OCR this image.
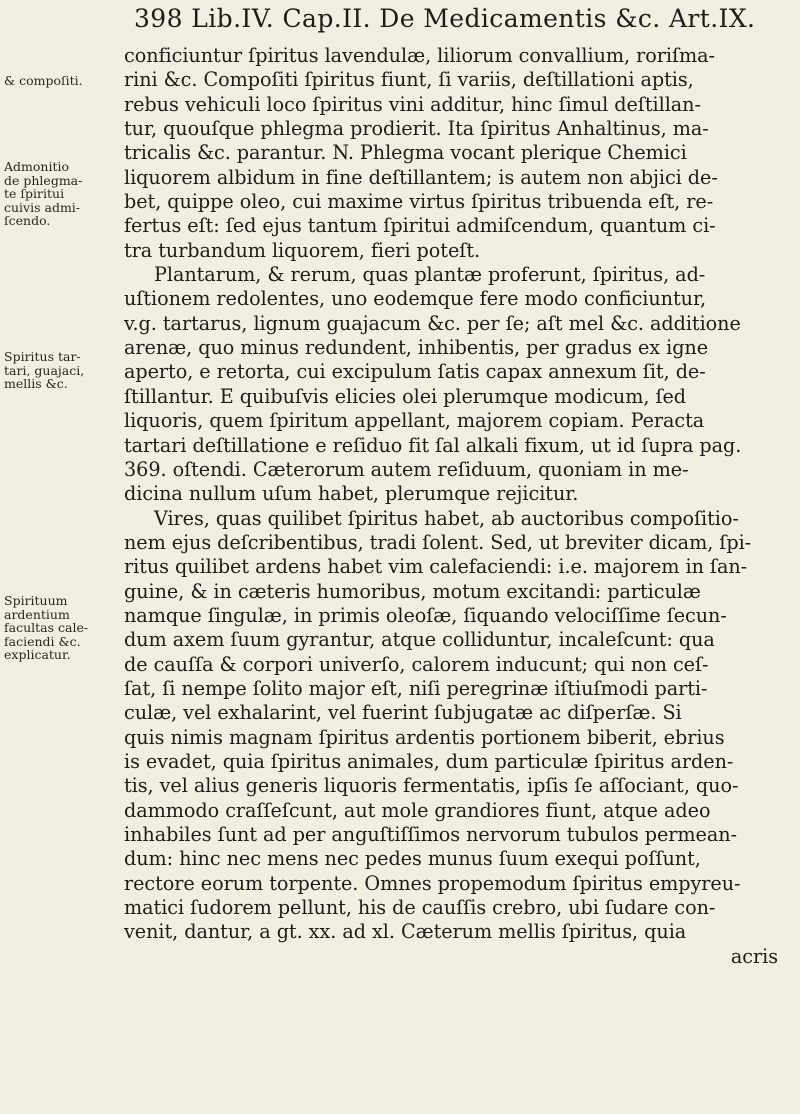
398 Lib.IV. Cap.II. De Medicamentis &c. Art.IX.
& compoſiti.
Admonitio
de phlegma-
te ſpiritui
cuivis admi-
ſcendo.
Spiritus tar-
tari, guajaci,
mellis &c.
Spirituum
ardentium
facultas cale-
faciendi &c.
explicatur.
conficiuntur ſpiritus lavendulæ, liliorum convallium, roriſma-
rini &c. Compoſiti ſpiritus fiunt, ſi variis, deſtillationi aptis,
rebus vehiculi loco ſpiritus vini additur, hinc ſimul deſtillan-
tur, quouſque phlegma prodierit. Ita ſpiritus Anhaltinus, ma-
tricalis &c. parantur. N. Phlegma vocant plerique Chemici
liquorem albidum in fine deſtillantem; is autem non abjici de-
bet, quippe oleo, cui maxime virtus ſpiritus tribuenda eſt, re-
fertus eſt: ſed ejus tantum ſpiritui admiſcendum, quantum ci-
tra turbandum liquorem, fieri poteſt.
Plantarum, & rerum, quas plantæ proferunt, ſpiritus, ad-
uſtionem redolentes, uno eodemque fere modo conficiuntur,
v.g. tartarus, lignum guajacum &c. per ſe; aſt mel &c. additione
arenæ, quo minus redundent, inhibentis, per gradus ex igne
aperto, e retorta, cui excipulum ſatis capax annexum ſit, de-
ſtillantur. E quibuſvis elicies olei plerumque modicum, ſed
liquoris, quem ſpiritum appellant, majorem copiam. Peracta
tartari deſtillatione e reſiduo fit ſal alkali fixum, ut id ſupra pag.
369. oſtendi. Cæterorum autem reſiduum, quoniam in me-
dicina nullum uſum habet, plerumque rejicitur.
Vires, quas quilibet ſpiritus habet, ab auctoribus compoſitio-
nem ejus deſcribentibus, tradi ſolent. Sed, ut breviter dicam, ſpi-
ritus quilibet ardens habet vim calefaciendi: i.e. majorem in ſan-
guine, & in cæteris humoribus, motum excitandi: particulæ
namque ſingulæ, in primis oleoſæ, ſiquando velociſſime ſecun-
dum axem ſuum gyrantur, atque colliduntur, incaleſcunt: qua
de cauſſa & corpori univerſo, calorem inducunt; qui non ceſ-
ſat, ſi nempe ſolito major eſt, niſi peregrinæ iſtiuſmodi parti-
culæ, vel exhalarint, vel fuerint ſubjugatæ ac diſperſæ. Si
quis nimis magnam ſpiritus ardentis portionem biberit, ebrius
is evadet, quia ſpiritus animales, dum particulæ ſpiritus arden-
tis, vel alius generis liquoris fermentatis, ipſis ſe aſſociant, quo-
dammodo craſſeſcunt, aut mole grandiores fiunt, atque adeo
inhabiles ſunt ad per anguſtiſſimos nervorum tubulos permean-
dum: hinc nec mens nec pedes munus ſuum exequi poſſunt,
rectore eorum torpente. Omnes propemodum ſpiritus empyreu-
matici ſudorem pellunt, his de cauſſis crebro, ubi ſudare con-
venit, dantur, a gt. xx. ad xl. Cæterum mellis ſpiritus, quia
acris
